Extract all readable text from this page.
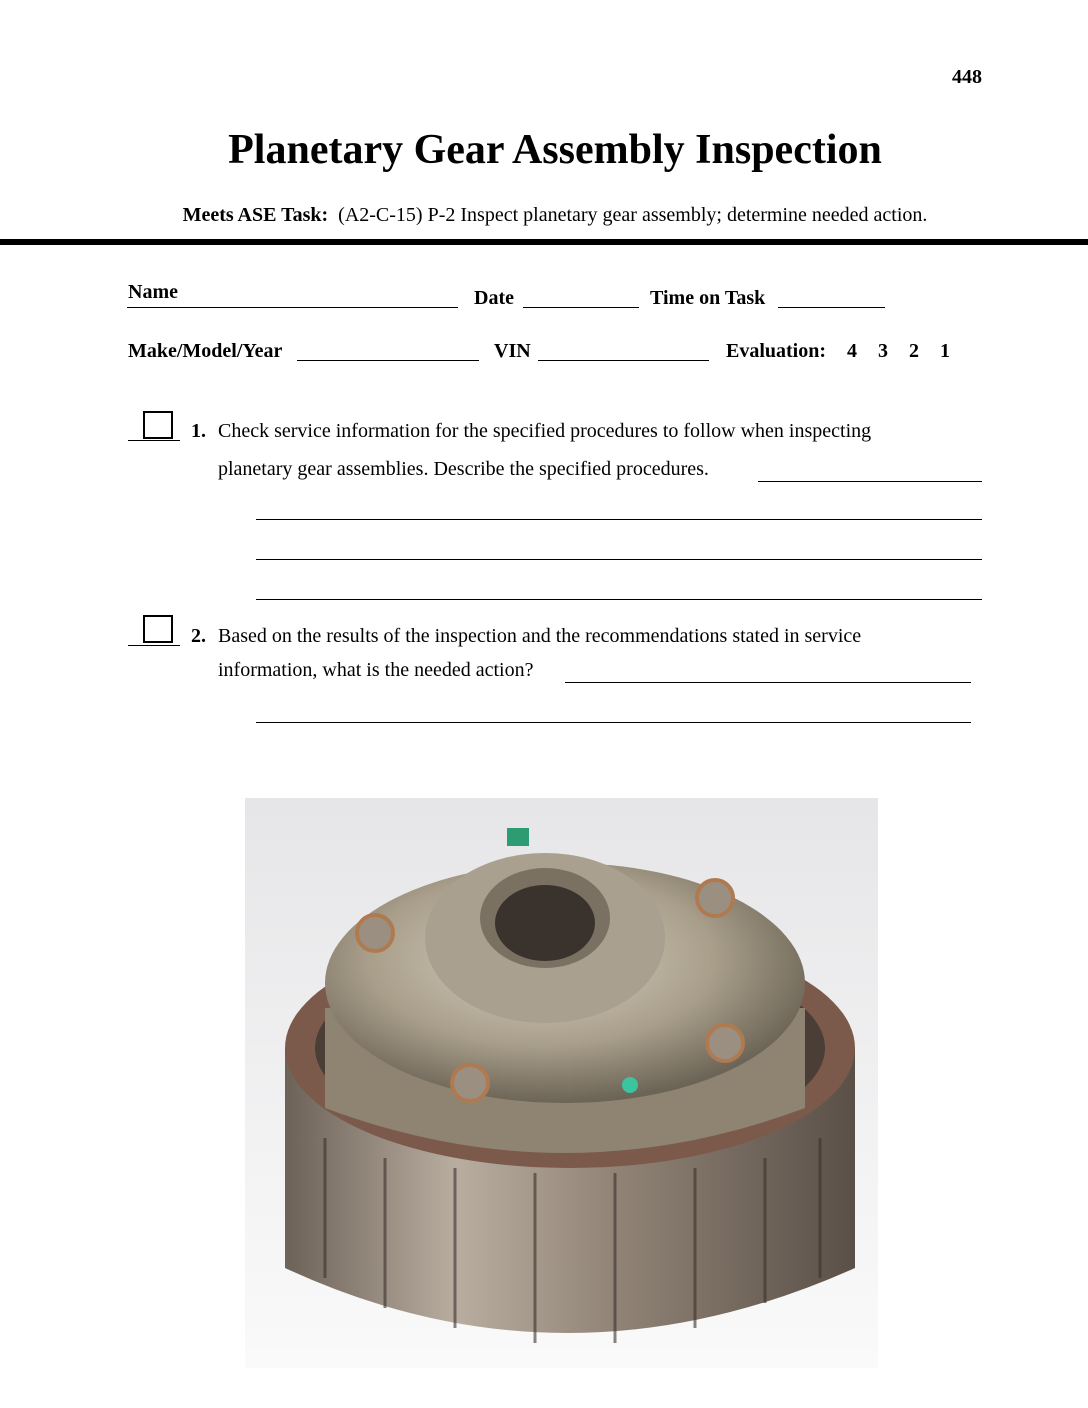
448
Planetary Gear Assembly Inspection
Meets ASE Task: (A2-C-15) P-2 Inspect planetary gear assembly; determine needed action.
Name	Date	Time on Task
Make/Model/Year	VIN	Evaluation: 4 3 2 1
1. Check service information for the specified procedures to follow when inspecting
planetary gear assemblies. Describe the specified procedures.
2. Based on the results of the inspection and the recommendations stated in service
information, what is the needed action?
